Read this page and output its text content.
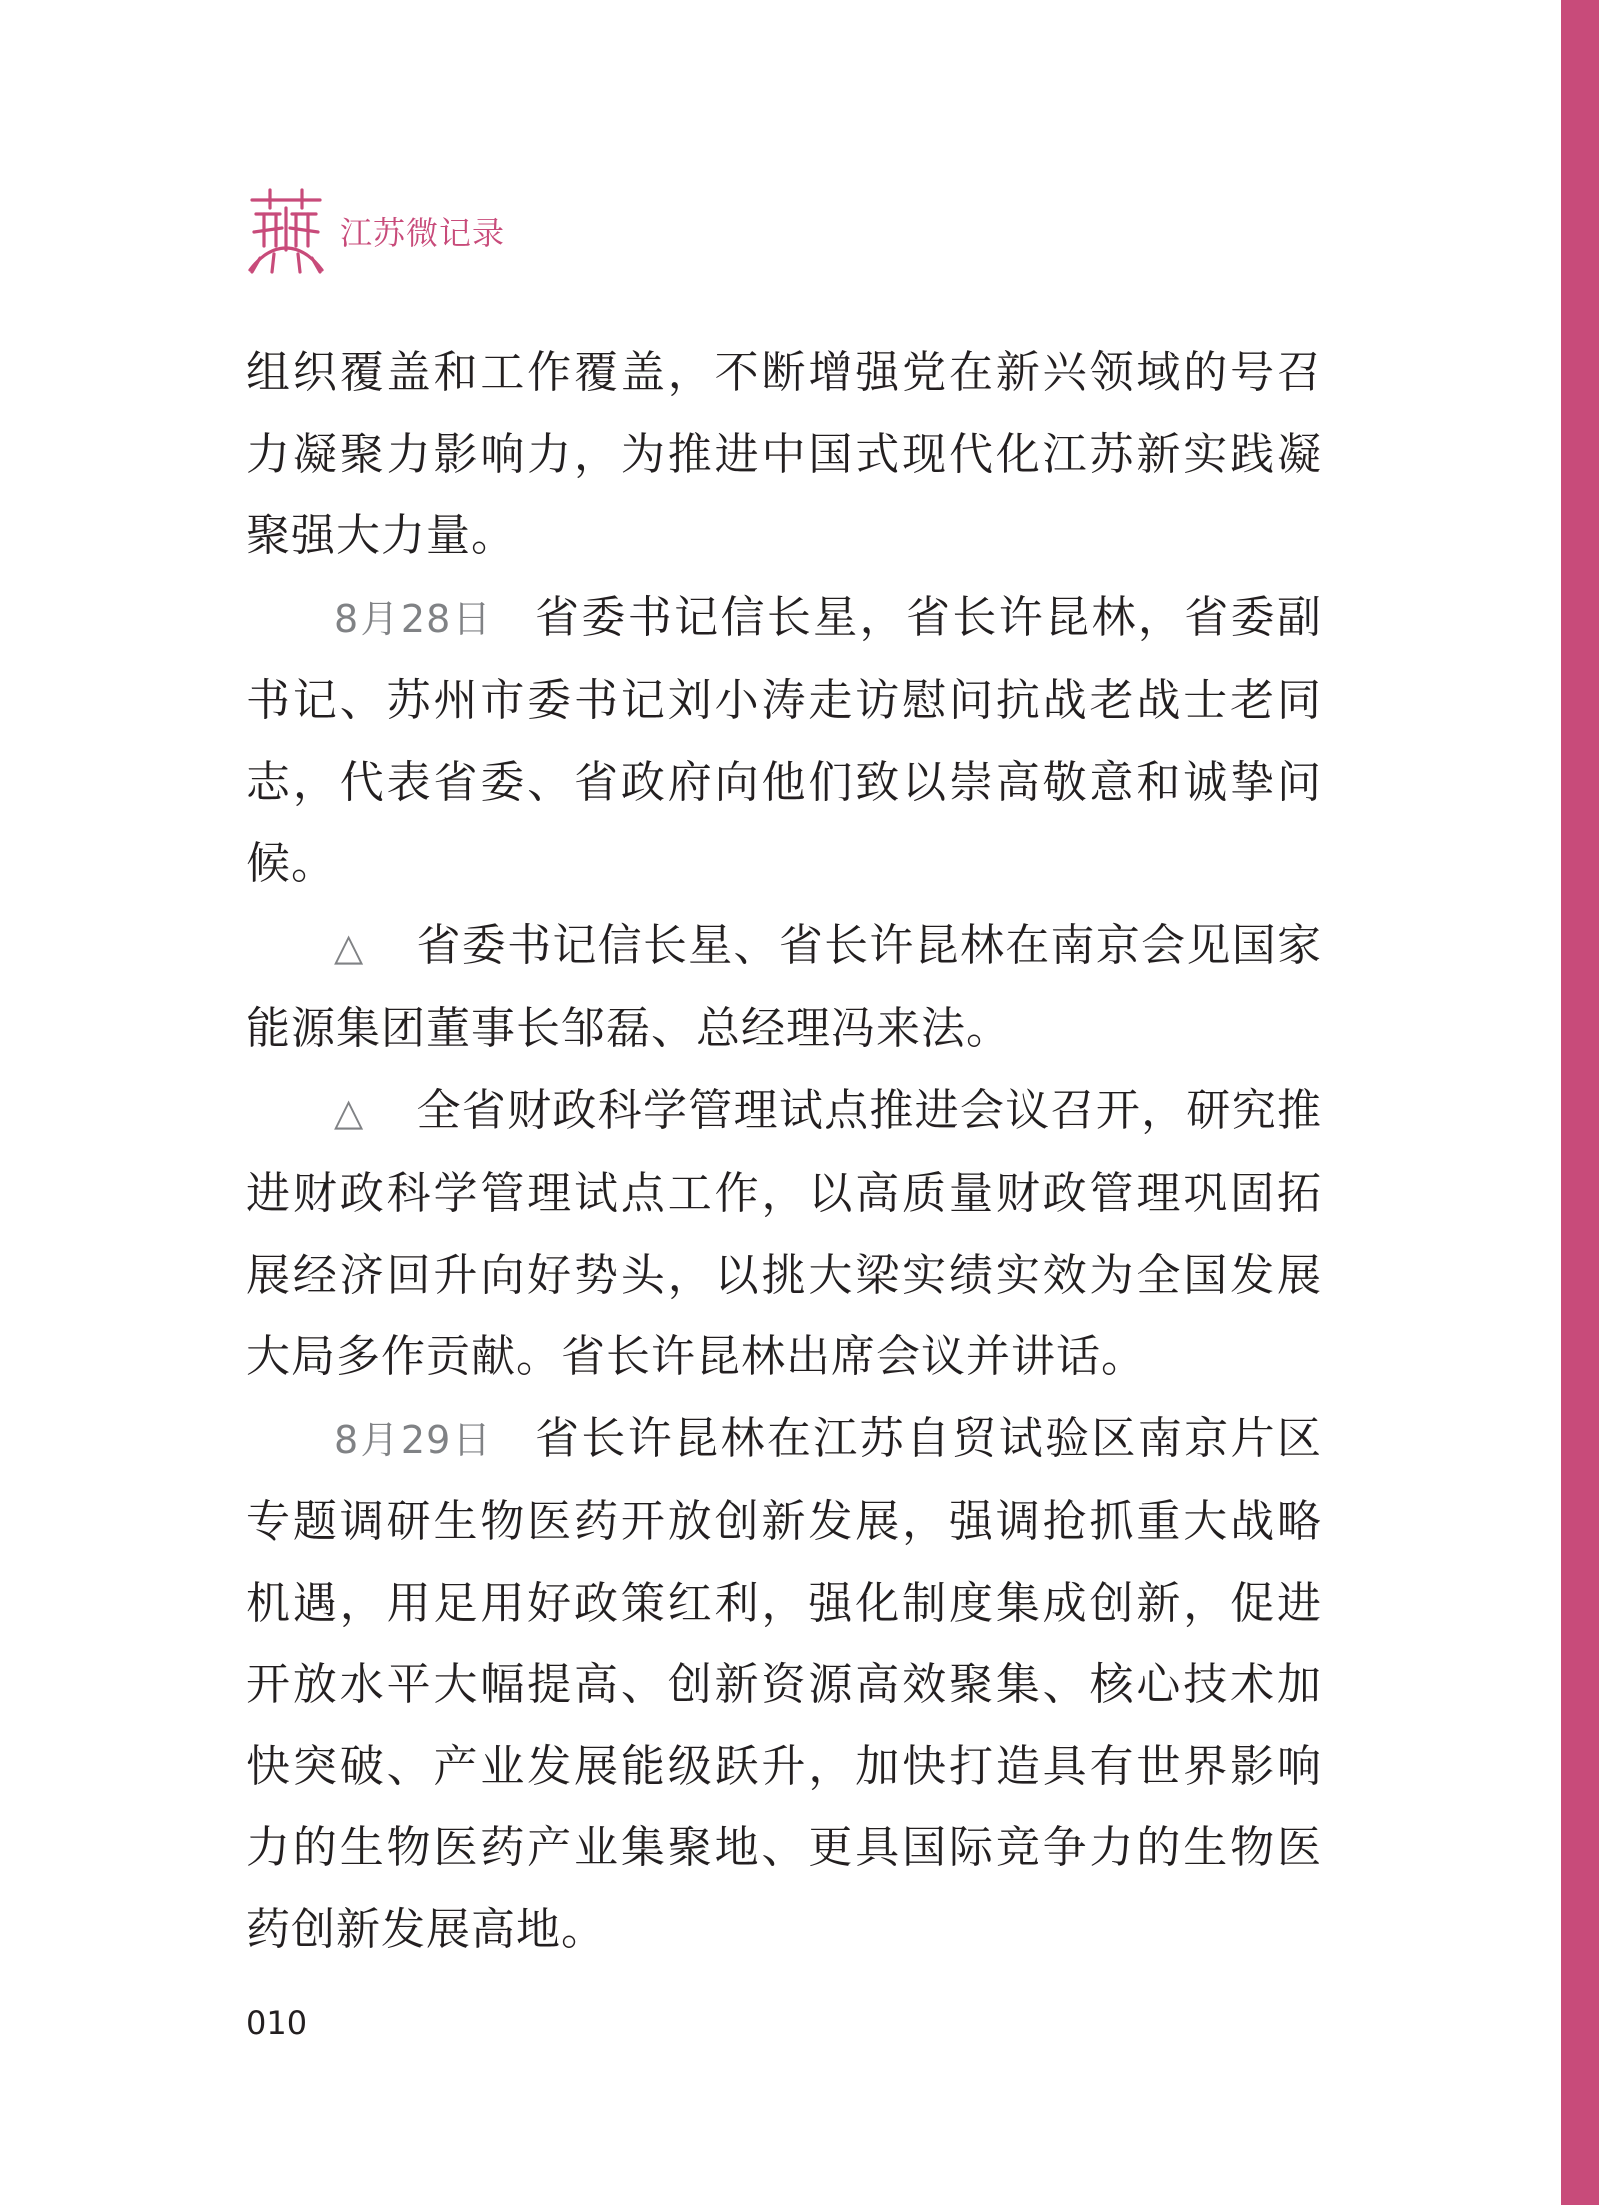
江苏微记录

组织覆盖和工作覆盖，不断增强党在新兴领域的号召力凝聚力影响力，为推进中国式现代化江苏新实践凝聚强大力量。

8月28日 省委书记信长星，省长许昆林，省委副书记、苏州市委书记刘小涛走访慰问抗战老战士老同志，代表省委、省政府向他们致以崇高敬意和诚挚问候。

△ 省委书记信长星、省长许昆林在南京会见国家能源集团董事长邹磊、总经理冯来法。

△ 全省财政科学管理试点推进会议召开，研究推进财政科学管理试点工作，以高质量财政管理巩固拓展经济回升向好势头，以挑大梁实绩实效为全国发展大局多作贡献。省长许昆林出席会议并讲话。

8月29日 省长许昆林在江苏自贸试验区南京片区专题调研生物医药开放创新发展，强调抢抓重大战略机遇，用足用好政策红利，强化制度集成创新，促进开放水平大幅提高、创新资源高效聚集、核心技术加快突破、产业发展能级跃升，加快打造具有世界影响力的生物医药产业集聚地、更具国际竞争力的生物医药创新发展高地。

010
